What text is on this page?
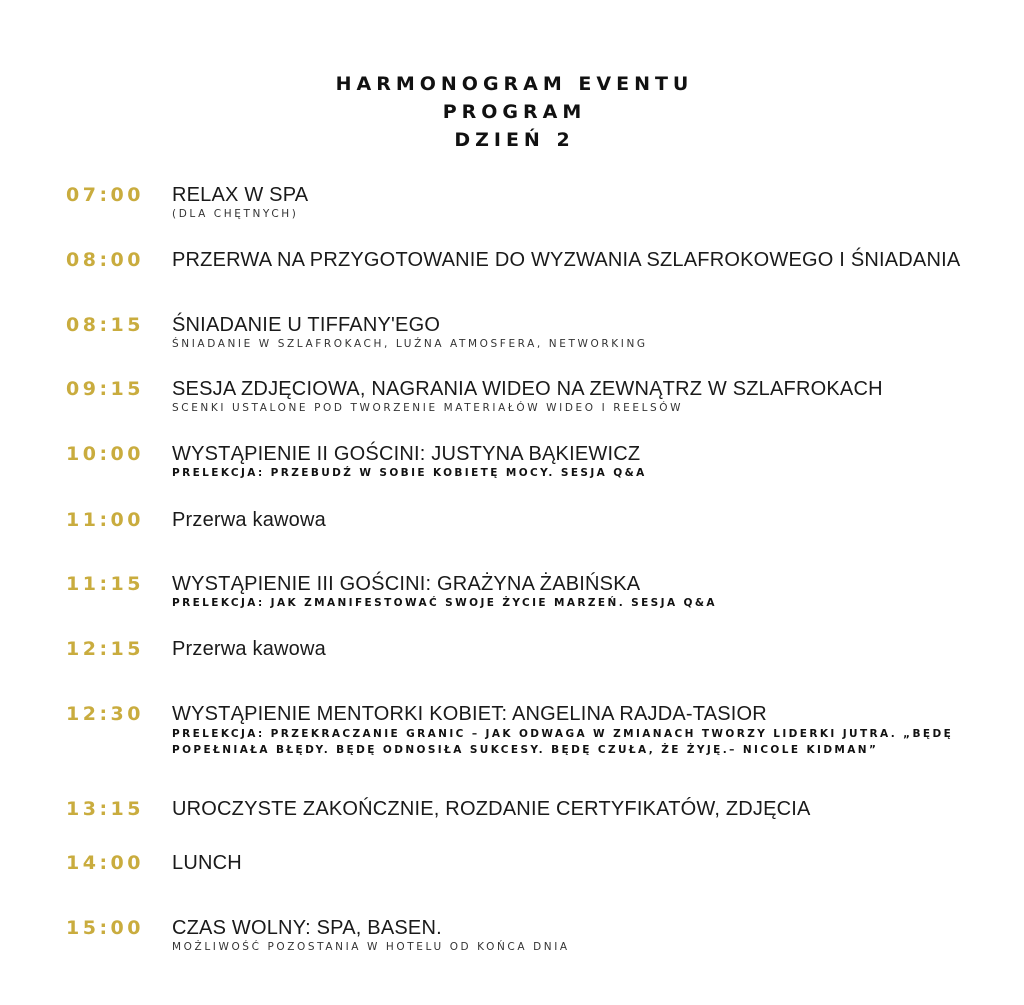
HARMONOGRAM EVENTU
PROGRAM
DZIEŃ 2
07:00 RELAX W SPA
(DLA CHĘTNYCH)
08:00 PRZERWA NA PRZYGOTOWANIE DO WYZWANIA SZLAFROKOWEGO I ŚNIADANIA
08:15 ŚNIADANIE U TIFFANY'EGO
ŚNIADANIE W SZLAFROKACH, LUŹNA ATMOSFERA, NETWORKING
09:15 SESJA ZDJĘCIOWA, NAGRANIA WIDEO NA ZEWNĄTRZ W SZLAFROKACH
SCENKI USTALONE POD TWORZENIE MATERIAŁÓW WIDEO I REELSÓW
10:00 WYSTĄPIENIE II GOŚCINI: JUSTYNA BĄKIEWICZ
PRELEKCJA: PRZEBUDŹ W SOBIE KOBIETĘ MOCY. SESJA Q&A
11:00 Przerwa kawowa
11:15 WYSTĄPIENIE III GOŚCINI: GRAŻYNA ŻABIŃSKA
PRELEKCJA: JAK ZMANIFESTOWAĆ SWOJE ŻYCIE MARZEŃ. SESJA Q&A
12:15 Przerwa kawowa
12:30 WYSTĄPIENIE MENTORKI KOBIET: ANGELINA RAJDA-TASIOR
PRELEKCJA: PRZEKRACZANIE GRANIC – JAK ODWAGA W ZMIANACH TWORZY LIDERKI JUTRA. „BĘDĘ POPEŁNIAŁA BŁĘDY. BĘDĘ ODNOSIŁA SUKCESY. BĘDĘ CZUŁA, ŻE ŻYJĘ.– NICOLE KIDMAN”
13:15 UROCZYSTE ZAKOŃCZNIE, ROZDANIE CERTYFIKATÓW, ZDJĘCIA
14:00 LUNCH
15:00 CZAS WOLNY: SPA, BASEN.
MOŻLIWOŚĆ POZOSTANIA W HOTELU OD KOŃCA DNIA
